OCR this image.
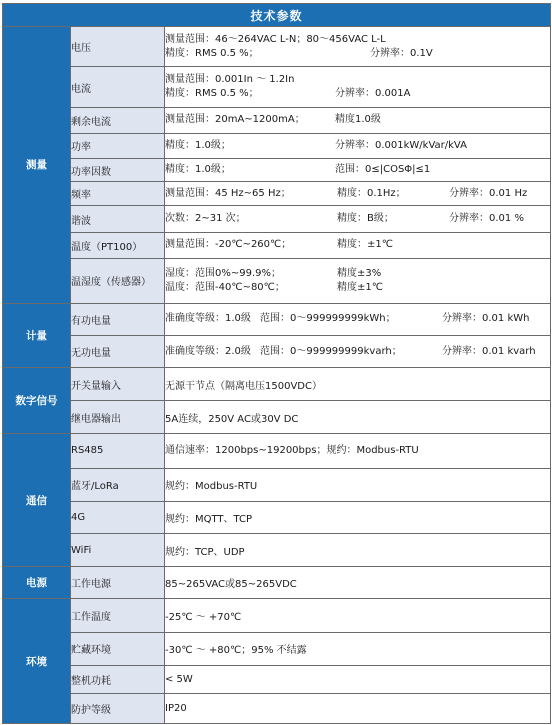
技术参数		
测量	电压	测量范围：46～264VAC L-N；80～456VAC L-L
精度：RMS 0.5 %； 分辨率：0.1V

	电流	测量范围：0.001In ～ 1.2In
精度：RMS 0.5 %； 分辨率：0.001A

	剩余电流	测量范围：20mA~1200mA； 精度1.0级

	功率	精度：1.0级； 分辨率：0.001kW/kVar/kVA

	功率因数	精度：1.0级； 范围：0≤|COSΦ|≤1

	频率	测量范围：45 Hz~65 Hz； 精度：0.1Hz； 分辨率：0.01 Hz

	谐波	次数：2~31 次； 精度：B级； 分辨率：0.01 %

	温度（PT100）	测量范围：-20℃~260℃； 精度：±1℃

	温湿度（传感器）	湿度：范围0%~99.9%； 精度±3%
温度：范围-40℃~80℃； 精度±1℃

计量	有功电量	准确度等级：1.0级 范围：0～999999999kWh； 分辨率：0.01 kWh

	无功电量	准确度等级：2.0级 范围：0～999999999kvarh； 分辨率：0.01 kvarh

数字信号	开关量输入	无源干节点（隔离电压1500VDC）
	继电器输出	5A连续，250V AC或30V DC
通信	RS485	通信速率：1200bps~19200bps； 规约：Modbus-RTU

	蓝牙/LoRa	规约：Modbus-RTU
	4G	规约：MQTT、TCP
	WiFi	规约：TCP、UDP
电源	工作电源	85~265VAC或85~265VDC
环境	工作温度	-25℃ ～ +70℃
	贮藏环境	-30℃ ～ +80℃；95% 不结露
	整机功耗	< 5W
	防护等级	IP20
